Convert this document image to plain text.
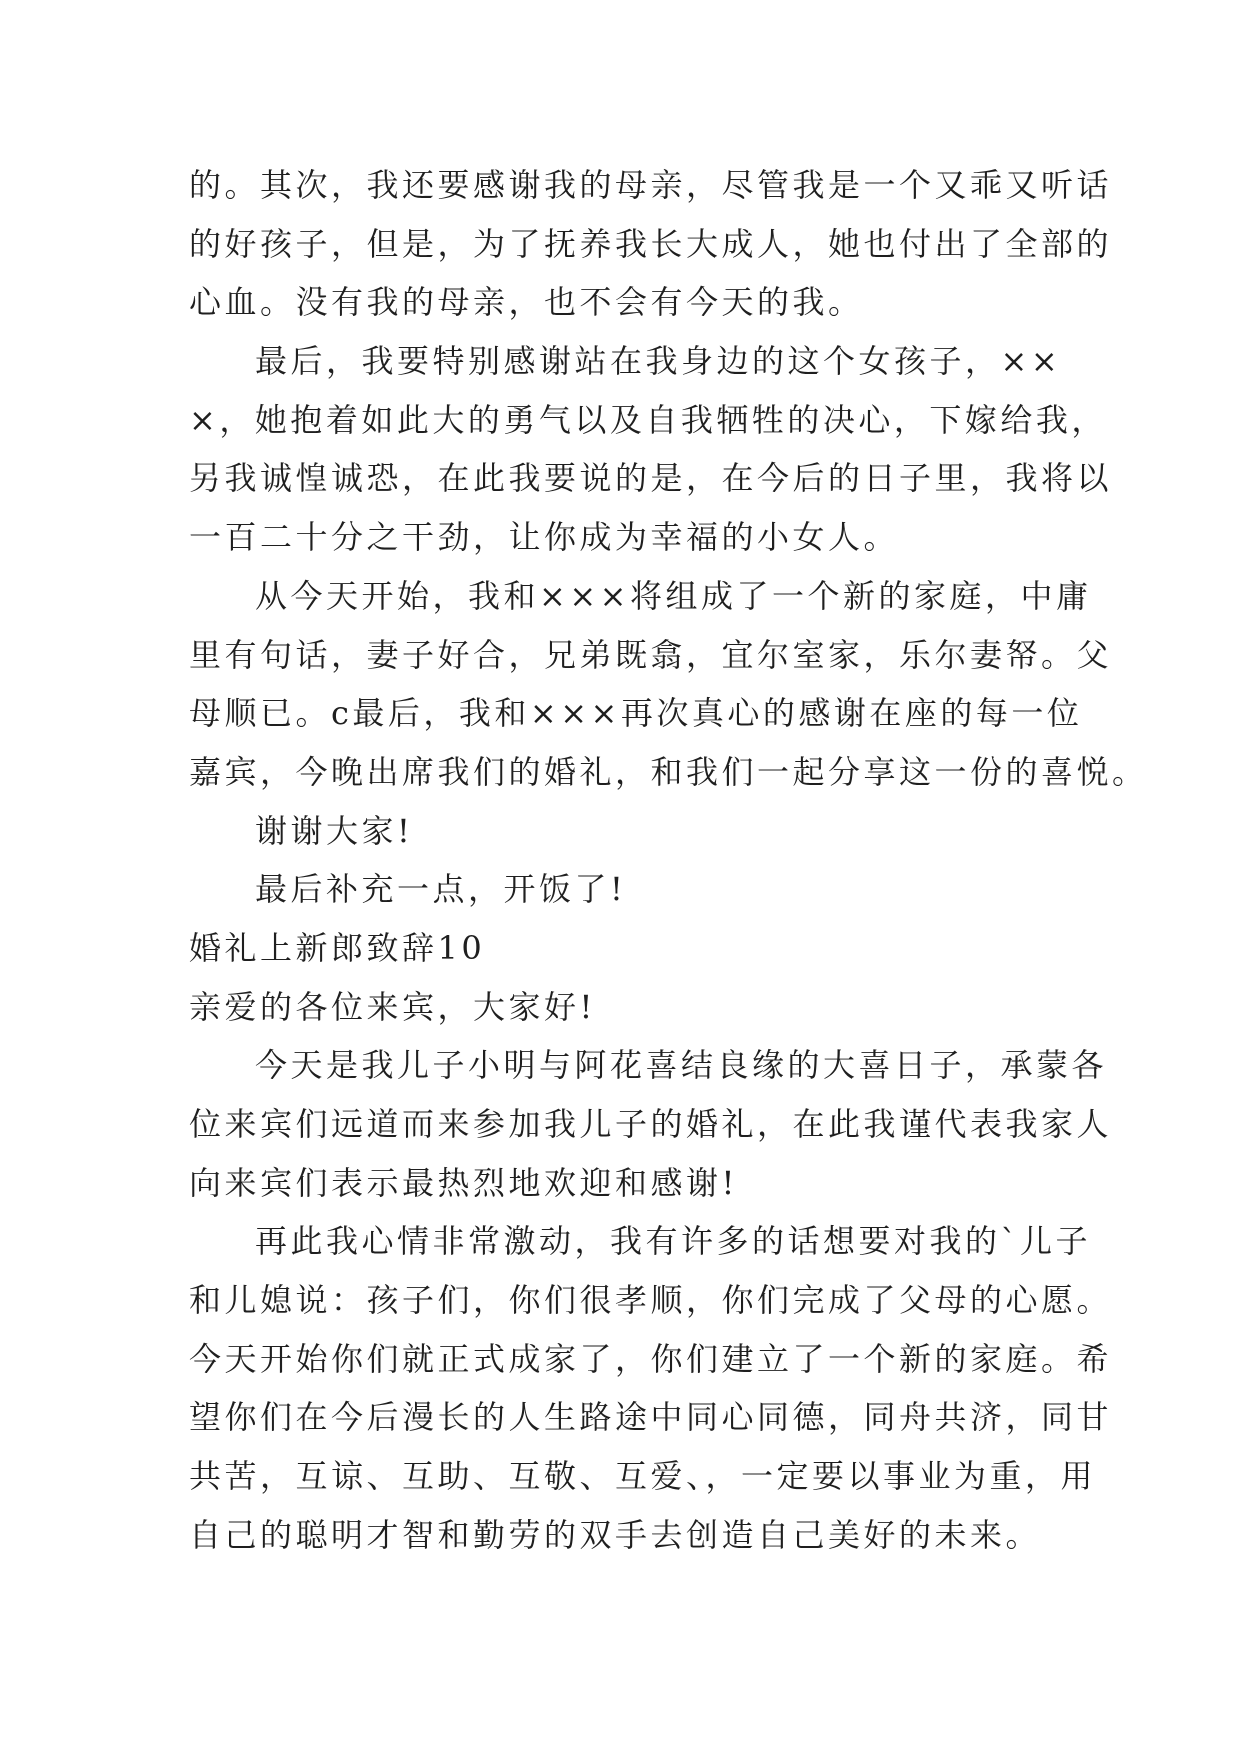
的。其次，我还要感谢我的母亲，尽管我是一个又乖又听话
的好孩子，但是，为了抚养我长大成人，她也付出了全部的
心血。没有我的母亲，也不会有今天的我。
最后，我要特别感谢站在我身边的这个女孩子，××
×，她抱着如此大的勇气以及自我牺牲的决心，下嫁给我，
另我诚惶诚恐，在此我要说的是，在今后的日子里，我将以
一百二十分之干劲，让你成为幸福的小女人。
从今天开始，我和×××将组成了一个新的家庭，中庸
里有句话，妻子好合，兄弟既翕，宜尔室家，乐尔妻帑。父
母顺已。c最后，我和×××再次真心的感谢在座的每一位
嘉宾，今晚出席我们的婚礼，和我们一起分享这一份的喜悦。
谢谢大家!
最后补充一点，开饭了!
婚礼上新郎致辞10
亲爱的各位来宾，大家好!
今天是我儿子小明与阿花喜结良缘的大喜日子，承蒙各
位来宾们远道而来参加我儿子的婚礼，在此我谨代表我家人
向来宾们表示最热烈地欢迎和感谢!
再此我心情非常激动，我有许多的话想要对我的`儿子
和儿媳说：孩子们，你们很孝顺，你们完成了父母的心愿。
今天开始你们就正式成家了，你们建立了一个新的家庭。希
望你们在今后漫长的人生路途中同心同德，同舟共济，同甘
共苦，互谅、互助、互敬、互爱、，一定要以事业为重，用
自己的聪明才智和勤劳的双手去创造自己美好的未来。
